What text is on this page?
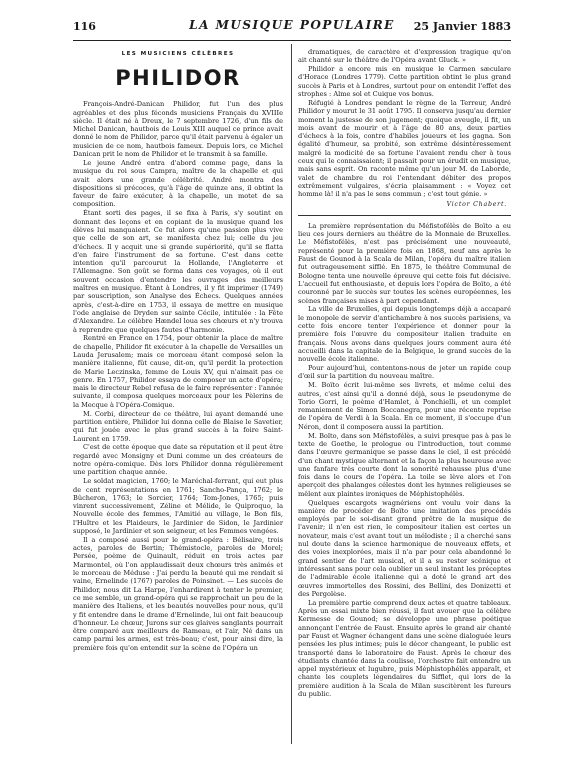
116	LA MUSIQUE POPULAIRE	25 Janvier 1883
LES MUSICIENS CÉLÈBRES
PHILIDOR

François-André-Danican Philidor, fut l'un des plus agréables et des plus féconds musiciens Français du XVIIIe siècle. Il était né à Dreux, le 7 septembre 1726, d'un fils de Michel Danican, hautbois de Louis XIII auquel ce prince avait donné le nom de Philidor, parce qu'il était parvenu à égaler un musicien de ce nom, hautbois fameux. Depuis lors, ce Michel Danican prit le nom de Philidor et le transmit à sa famille.

Le jeune André entra d'abord comme page, dans la musique du roi sous Campra, maître de la chapelle et qui avait alors une grande célébrité. André montra des dispositions si précoces, qu'à l'âge de quinze ans, il obtint la faveur de faire exécuter, à la chapelle, un motet de sa composition.

Étant sorti des pages, il se fixa à Paris, s'y soutint en donnant des leçons et en copiant de la musique quand les élèves lui manquaient. Ce fut alors qu'une passion plus vive que celle de son art, se manifesta chez lui; celle du jeu d'échecs. Il y acquit une si grande supériorité, qu'il se flatta d'en faire l'instrument de sa fortune. C'est dans cette intention qu'il parcourut la Hollande, l'Angleterre et l'Allemagne. Son goût se forma dans ces voyages, où il eut souvent occasion d'entendre les ouvrages des meilleurs maîtres en musique. Étant à Londres, il y fit imprimer (1749) par souscription, son Analyse des Échecs. Quelques années après, c'est-à-dire en 1753, il essaya de mettre en musique l'ode anglaise de Dryden sur sainte Cécile, intitulée : la Fête d'Alexandre. Le célèbre Hændel loua ses chœurs et n'y trouva à reprendre que quelques fautes d'harmonie.

Rentré en France en 1754, pour obtenir la place de maître de chapelle, Philidor fit exécuter à la chapelle de Versailles un Lauda Jerusalem; mais ce morceau étant composé selon la manière italienne, fût cause, dit-on, qu'il perdit la protection de Marie Leczinska, femme de Louis XV, qui n'aimait pas ce genre. En 1757, Philidor essaya de composer un acte d'opéra; mais le directeur Rebel refusa de le faire représenter : l'année suivante, il composa quelques morceaux pour les Pèlerins de la Mecque à l'Opéra-Comique.

M. Corbi, directeur de ce théâtre, lui ayant demandé une partition entière, Philidor lui donna celle de Blaise le Savetier, qui fut jouée avec le plus grand succès à la foire Saint-Laurent en 1759.

C'est de cette époque que date sa réputation et il peut être regardé avec Monsigny et Duni comme un des créateurs de notre opéra-comique. Dès lors Philidor donna régulièrement une partition chaque année.

Le soldat magicien, 1760; le Maréchal-ferrant, qui eut plus de cent représentations en 1761; Sancho-Pança, 1762; le Bûcheron, 1763; le Sorcier, 1764; Tom-Jones, 1765; puis vinrent successivement, Zéline et Mélide, le Quiproquo, la Nouvelle école des femmes, l'Amitié au village, le Bon fils, l'Huître et les Plaideurs, le Jardinier de Sidon, le Jardinier supposé, le Jardinier et son seigneur, et les Femmes vengées.

Il a composé aussi pour le grand-opéra : Bélisaire, trois actes, paroles de Bertin; Thémistocle, paroles de Morel; Persée, poème de Quinault, réduit en trois actes par Marmontel, où l'on applaudissait deux chœurs très animés et le morceau de Méduse : J'ai perdu la beauté qui me rendait si vaine, Ernelinde (1767) paroles de Poinsinet. — Les succès de Philidor, nous dit La Harpe, l'enhardirent à tenter le premier, ce me semble, un grand-opéra qui se rapprochait un peu de la manière des Italiens, et les beautés nouvelles pour nous, qu'il y fit entendre dans le drame d'Ernelinde, lui ont fait beaucoup d'honneur. Le chœur, Jurons sur ces glaives sanglants pourrait être comparé aux meilleurs de Rameau, et l'air, Né dans un camp parmi les armes, est très-beau; c'est, pour ainsi dire, la première fois qu'on entendit sur la scène de l'Opéra un

dramatiques, de caractère et d'expression tragique qu'on ait chanté sur le théâtre de l'Opéra avant Gluck. »

Philidor a encore mis en musique le Carmen sæculare d'Horace (Londres 1779). Cette partition obtint le plus grand succès à Paris et à Londres, surtout pour on entendit l'effet des strophes : Alme sol et Cuique vos bonus.

Réfugié à Londres pendant le règne de la Terreur, André Philidor y mourut le 31 août 1795. Il conserva jusqu'au dernier moment la justesse de son jugement; quoique aveugle, il fit, un mois avant de mourir et à l'âge de 80 ans, deux parties d'échecs à la fois, contre d'habiles joueurs et les gagna. Son égalité d'humeur, sa probité, son extrême désintéressement malgré la modicité de sa fortune l'avaient rendu cher à tous ceux qui le connaissaient; il passait pour un érudit en musique, mais sans esprit. On raconte même qu'un jour M. de Laborde, valet de chambre du roi l'entendant débiter des propos extrêmement vulgaires, s'écria plaisamment : « Voyez cet homme là! il n'a pas le sens commun ; c'est tout génie. »

Victor Chabert.

La première représentation du Méfistofélès de Boïto a eu lieu ces jours derniers au théâtre de la Monnaie de Bruxelles. Le Méfistofélès, n'est pas précisément une nouveauté, représenté pour la première fois en 1868, neuf ans après le Faust de Gounod à la Scala de Milan, l'opéra du maître italien fut outrageusement sifflé. En 1875, le théâtre Communal de Bologne tenta une nouvelle épreuve qui cette fois fut décisive. L'accueil fut enthousiaste, et depuis lors l'opéra de Boïto, a été couronné par le succès sur toutes les scènes européennes, les scènes françaises mises à part cependant.

La ville de Bruxelles, qui depuis longtemps déjà a accaparé le monopole de servir d'antichambre à nos succès parisiens, va cette fois encore tenter l'expérience et donner pour la première fois l'œuvre du compositeur italien traduite en français. Nous avons dans quelques jours comment aura été accueilli dans la capitale de la Belgique, le grand succès de la nouvelle école italienne.

Pour aujourd'hui, contentons-nous de jeter un rapide coup d'œil sur la partition du nouveau maître.

M. Boïto écrit lui-même ses livrets, et même celui des autres, c'est ainsi qu'il a donné déjà, sous le pseudonyme de Torio Gorri, le poème d'Hamlet, à Ponchielli, et un complet remaniement de Simon Boccanegra, pour une récente reprise de l'opéra de Verdi à la Scala. En ce moment, il s'occupe d'un Néron, dont il composera aussi la partition.

M. Boïto, dans son Méfistofélès, a suivi presque pas à pas le texte de Goethe, le prologue ou l'introduction, tout comme dans l'œuvre germanique se passe dans le ciel, il est précédé d'un chant mystique alternant et la façon la plus heureuse avec une fanfare très courte dont la sonorité rehausse plus d'une fois dans le cours de l'opéra. La toile se lève alors et l'on aperçoit des phalanges célestes dont les hymnes religieuses se mêlent aux plaintes ironiques de Méphistophélès.

Quelques escargots wagnériens ont voulu voir dans la manière de procéder de Boïto une imitation des procédés employés par le soi-disant grand prêtre de la musique de l'avenir; il n'en est rien, le compositeur italien est certes un novateur, mais c'est avant tout un mélodiste ; il a cherché sans nul doute dans la science harmonique de nouveaux effets, et des voies inexplorées, mais il n'a par pour cela abandonné le grand sentier de l'art musical, et il a su rester scénique et intéressant sans pour cela oublier un seul instant les préceptes de l'admirable école italienne qui a doté le grand art des œuvres immortelles des Rossini, des Bellini, des Donizetti et des Pergolèse.

La première partie comprend deux actes et quatre tableaux. Après un essai mixte bien réussi, il faut avouer que la célèbre Kermesse de Gounod; se développe une phrase poétique annonçant l'entrée de Faust. Ensuite après le grand air chanté par Faust et Wagner échangent dans une scène dialoguée leurs pensées les plus intimes; puis le décor changeant, le public est transporté dans le laboratoire de Faust. Après le chœur des étudiants chantée dans la coulisse, l'orchestre fait entendre un appel mystérieux et lugubre, puis Méphistophélès apparaît, et chante les couplets légendaires du Sifflet, qui lors de la première audition à la Scala de Milan suscitèrent les fureurs du public.
